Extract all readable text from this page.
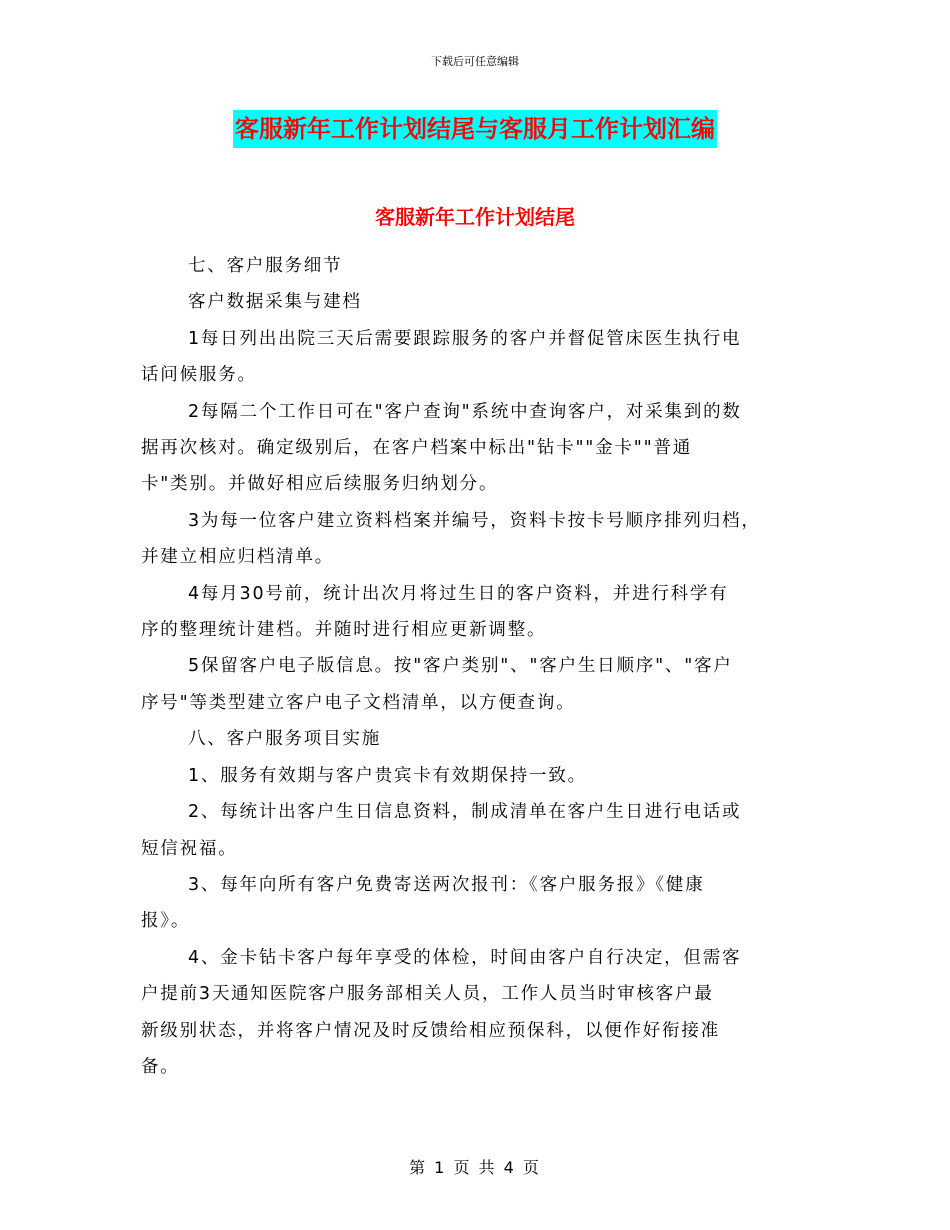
下载后可任意编辑
客服新年工作计划结尾与客服月工作计划汇编
客服新年工作计划结尾
七、客户服务细节
客户数据采集与建档
1每日列出出院三天后需要跟踪服务的客户并督促管床医生执行电
话问候服务。
2每隔二个工作日可在"客户查询"系统中查询客户，对采集到的数
据再次核对。确定级别后，在客户档案中标出"钻卡""金卡""普通
卡"类别。并做好相应后续服务归纳划分。
3为每一位客户建立资料档案并编号，资料卡按卡号顺序排列归档，
并建立相应归档清单。
4每月30号前，统计出次月将过生日的客户资料，并进行科学有
序的整理统计建档。并随时进行相应更新调整。
5保留客户电子版信息。按"客户类别"、"客户生日顺序"、"客户
序号"等类型建立客户电子文档清单，以方便查询。
八、客户服务项目实施
1、服务有效期与客户贵宾卡有效期保持一致。
2、每统计出客户生日信息资料，制成清单在客户生日进行电话或
短信祝福。
3、每年向所有客户免费寄送两次报刊：《客户服务报》《健康
报》。
4、金卡钻卡客户每年享受的体检，时间由客户自行决定，但需客
户提前3天通知医院客户服务部相关人员，工作人员当时审核客户最
新级别状态，并将客户情况及时反馈给相应预保科，以便作好衔接准
备。
第 1 页 共 4 页
